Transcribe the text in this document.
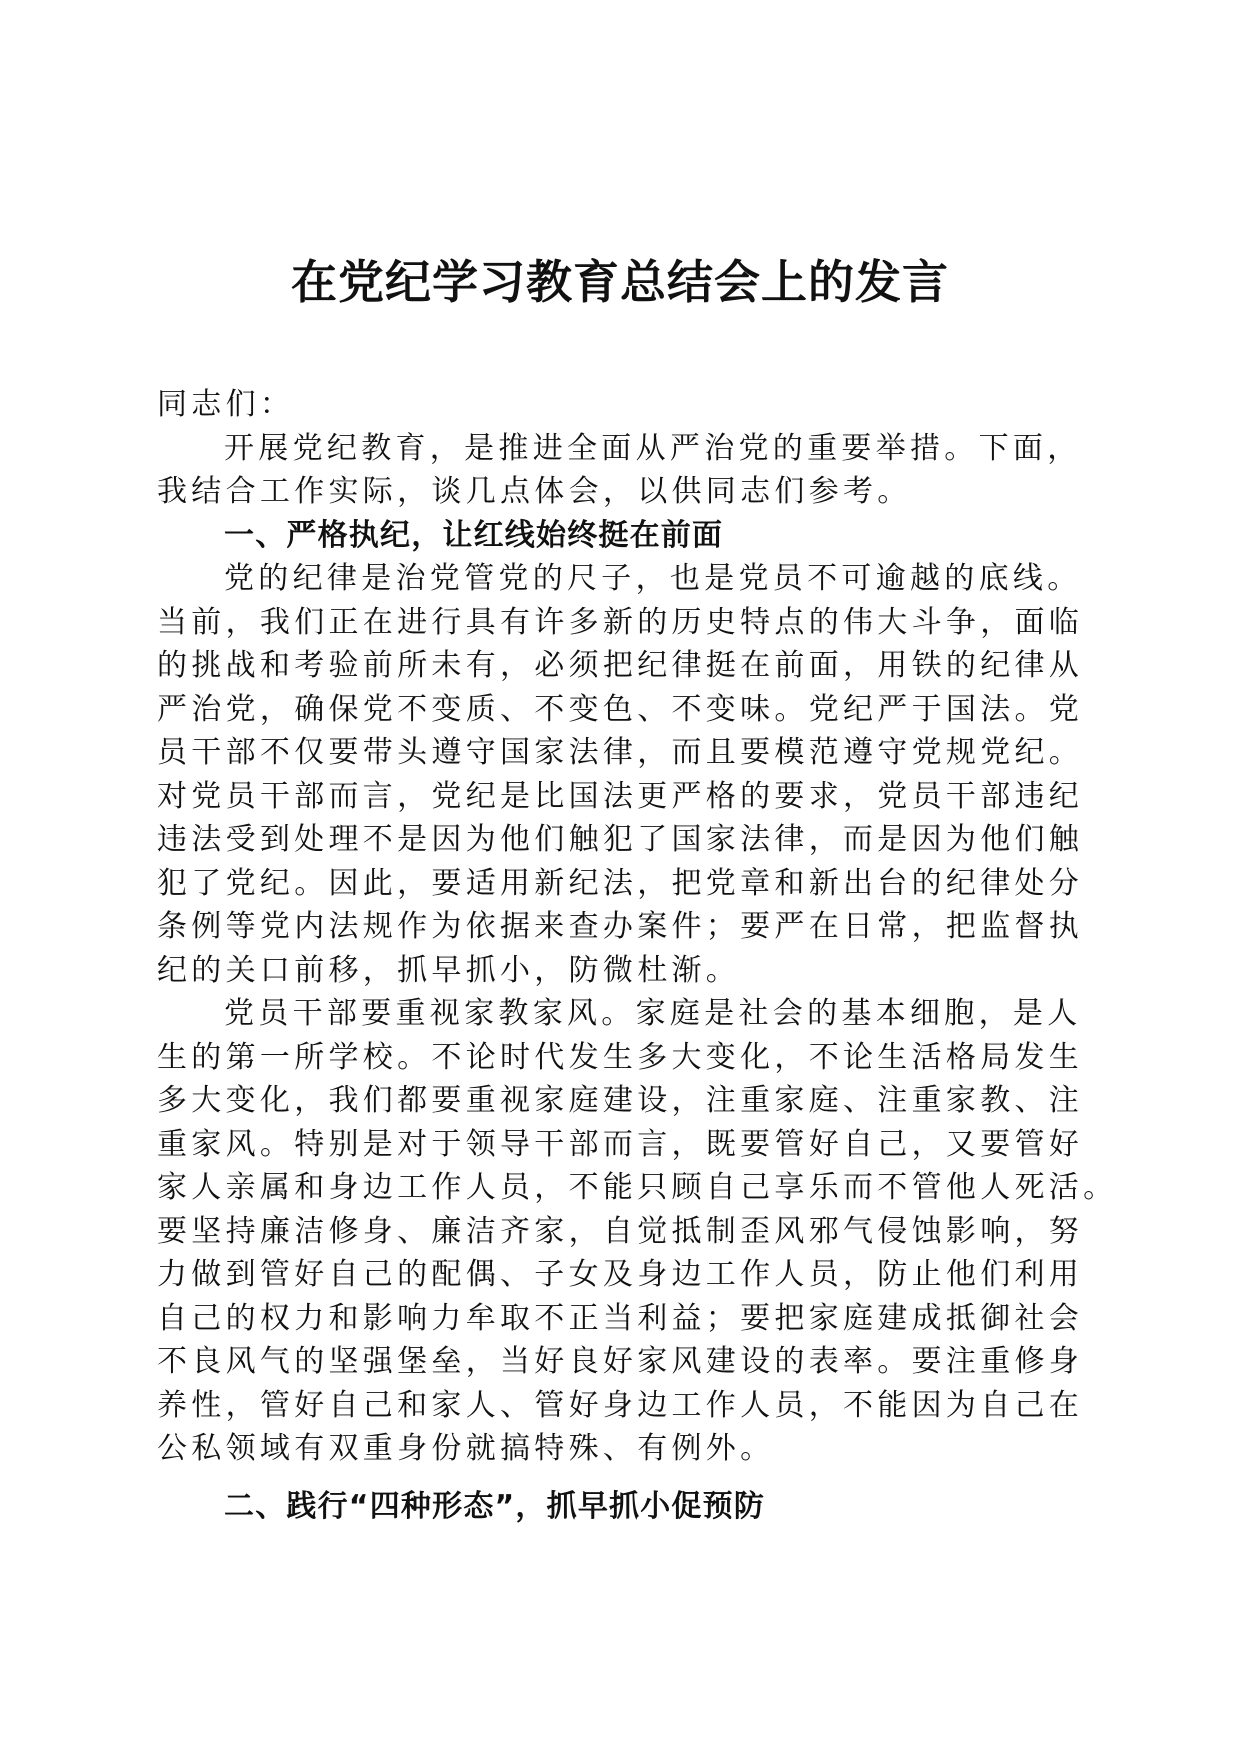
在党纪学习教育总结会上的发言

同志们：

开展党纪教育，是推进全面从严治党的重要举措。下面，

我结合工作实际，谈几点体会，以供同志们参考。

一、严格执纪，让红线始终挺在前面

党的纪律是治党管党的尺子，也是党员不可逾越的底线。

当前，我们正在进行具有许多新的历史特点的伟大斗争，面临

的挑战和考验前所未有，必须把纪律挺在前面，用铁的纪律从

严治党，确保党不变质、不变色、不变味。党纪严于国法。党

员干部不仅要带头遵守国家法律，而且要模范遵守党规党纪。

对党员干部而言，党纪是比国法更严格的要求，党员干部违纪

违法受到处理不是因为他们触犯了国家法律，而是因为他们触

犯了党纪。因此，要适用新纪法，把党章和新出台的纪律处分

条例等党内法规作为依据来查办案件；要严在日常，把监督执

纪的关口前移，抓早抓小，防微杜渐。

党员干部要重视家教家风。家庭是社会的基本细胞，是人

生的第一所学校。不论时代发生多大变化，不论生活格局发生

多大变化，我们都要重视家庭建设，注重家庭、注重家教、注

重家风。特别是对于领导干部而言，既要管好自己，又要管好

家人亲属和身边工作人员，不能只顾自己享乐而不管他人死活。

要坚持廉洁修身、廉洁齐家，自觉抵制歪风邪气侵蚀影响，努

力做到管好自己的配偶、子女及身边工作人员，防止他们利用

自己的权力和影响力牟取不正当利益；要把家庭建成抵御社会

不良风气的坚强堡垒，当好良好家风建设的表率。要注重修身

养性，管好自己和家人、管好身边工作人员，不能因为自己在

公私领域有双重身份就搞特殊、有例外。

二、践行“四种形态”，抓早抓小促预防
